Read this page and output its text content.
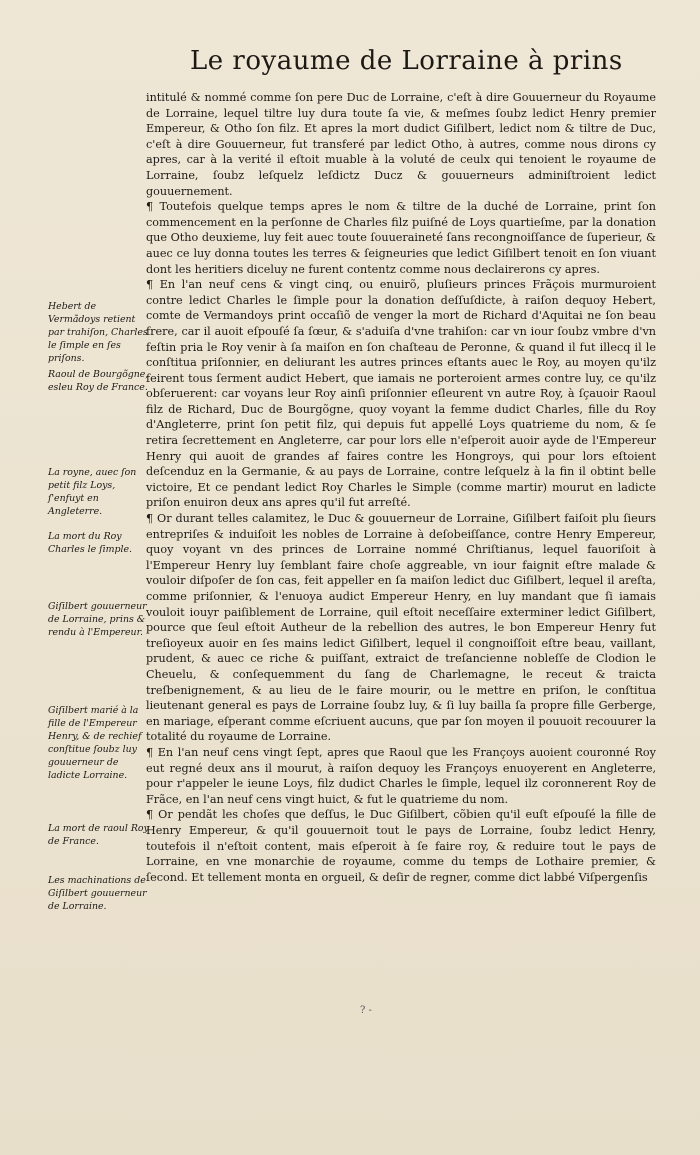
Le royaume de Lorraine à prins

intitulé & nommé comme ſon pere Duc de Lorraine, c'eſt à dire Gouuerneur du Royaume de Lorraine, lequel tiltre luy dura toute ſa vie, & meſmes ſoubz ledict Henry premier Empereur, & Otho ſon filz. Et apres la mort dudict Giſilbert, ledict nom & tiltre de Duc, c'eſt à dire Gouuerneur, fut transferé par ledict Otho, à autres, comme nous dirons cy apres, car à la verité il eſtoit muable à la voluté de ceulx qui tenoient le royaume de Lorraine, ſoubz leſquelz leſdictz Ducz & gouuerneurs adminiſtroient ledict gouuernement.

¶ Toutefois quelque temps apres le nom & tiltre de la duché de Lorraine, print ſon commencement en la perſonne de Charles filz puiſné de Loys quartieſme, par la donation que Otho deuxieme, luy feit auec toute ſouueraineté ſans recongnoiſſance de ſuperieur, & auec ce luy donna toutes les terres & ſeigneuries que ledict Giſilbert tenoit en ſon viuant dont les heritiers diceluy ne furent contentz comme nous declairerons cy apres.

¶ En l'an neuf cens & vingt cinq, ou enuirõ, pluſieurs princes Frãçois murmuroient contre ledict Charles le ſimple pour la donation deſſuſdicte, à raiſon dequoy Hebert, comte de Vermandoys print occaſiõ de venger la mort de Richard d'Aquitai ne ſon beau frere, car il auoit eſpouſé ſa ſœur, & s'aduiſa d'vne trahiſon: car vn iour ſoubz vmbre d'vn feſtin pria le Roy venir à ſa maiſon en ſon chaſteau de Peronne, & quand il fut illecq il le conſtitua priſonnier, en deliurant les autres princes eſtants auec le Roy, au moyen qu'ilz feirent tous ſerment audict Hebert, que iamais ne porteroient armes contre luy, ce qu'ilz obſeruerent: car voyans leur Roy ainſi priſonnier eſleurent vn autre Roy, à ſçauoir Raoul filz de Richard, Duc de Bourgõgne, quoy voyant la femme dudict Charles, fille du Roy d'Angleterre, print ſon petit filz, qui depuis fut appellé Loys quatrieme du nom, & ſe retira ſecrettement en Angleterre, car pour lors elle n'eſperoit auoir ayde de l'Empereur Henry qui auoit de grandes af faires contre les Hongroys, qui pour lors eſtoient deſcenduz en la Germanie, & au pays de Lorraine, contre leſquelz à la fin il obtint belle victoire, Et ce pendant ledict Roy Charles le Simple (comme martir) mourut en ladicte priſon enuiron deux ans apres qu'il fut arreſté.

¶ Or durant telles calamitez, le Duc & gouuerneur de Lorraine, Giſilbert faiſoit plu ſieurs entrepriſes & induiſoit les nobles de Lorraine à deſobeiſſance, contre Henry Empereur, quoy voyant vn des princes de Lorraine nommé Chriſtianus, lequel fauoriſoit à l'Empereur Henry luy ſemblant faire choſe aggreable, vn iour faignit eſtre malade & vouloir diſpoſer de ſon cas, feit appeller en ſa maiſon ledict duc Giſilbert, lequel il areſta, comme priſonnier, & l'enuoya audict Empereur Henry, en luy mandant que ſi iamais vouloit iouyr paiſiblement de Lorraine, quil eſtoit neceſſaire exterminer ledict Giſilbert, pource que ſeul eſtoit Autheur de la rebellion des autres, le bon Empereur Henry fut treſioyeux auoir en ſes mains ledict Giſilbert, lequel il congnoiſſoit eſtre beau, vaillant, prudent, & auec ce riche & puiſſant, extraict de treſancienne nobleſſe de Clodion le Cheuelu, & conſequemment du ſang de Charlemagne, le receut & traicta treſbenignement, & au lieu de le faire mourir, ou le mettre en priſon, le conſtitua lieutenant general es pays de Lorraine ſoubz luy, & ſi luy bailla ſa propre fille Gerberge, en mariage, eſperant comme eſcriuent aucuns, que par ſon moyen il pouuoit recouurer la totalité du royaume de Lorraine.

¶ En l'an neuf cens vingt ſept, apres que Raoul que les Françoys auoient couronné Roy eut regné deux ans il mourut, à raiſon dequoy les Françoys enuoyerent en Angleterre, pour r'appeler le ieune Loys, filz dudict Charles le ſimple, lequel ilz coronnerent Roy de Frãce, en l'an neuf cens vingt huict, & fut le quatrieme du nom.

¶ Or pendãt les choſes que deſſus, le Duc Giſilbert, cõbien qu'il euſt eſpouſé la fille de Henry Empereur, & qu'il gouuernoit tout le pays de Lorraine, ſoubz ledict Henry, toutefois il n'eſtoit content, mais eſperoit à ſe faire roy, & reduire tout le pays de Lorraine, en vne monarchie de royaume, comme du temps de Lothaire premier, & ſecond. Et tellement monta en orgueil, & deſir de regner, comme dict labbé Viſpergenſis

Hebert de Vermãdoys retient par trahiſon, Charles le ſimple en ſes priſons.
Raoul de Bourgõgne, esleu Roy de France.
La royne, auec ſon petit filz Loys, ſ'enfuyt en Angleterre.
La mort du Roy Charles le ſimple.
Giſilbert gouuerneur de Lorraine, prins & rendu à l'Empereur.
Giſilbert marié à la fille de l'Empereur Henry, & de rechief conſtitue ſoubz luy gouuerneur de ladicte Lorraine.
La mort de raoul Roy de France.
Les machinations de Giſilbert gouuerneur de Lorraine.
? -
